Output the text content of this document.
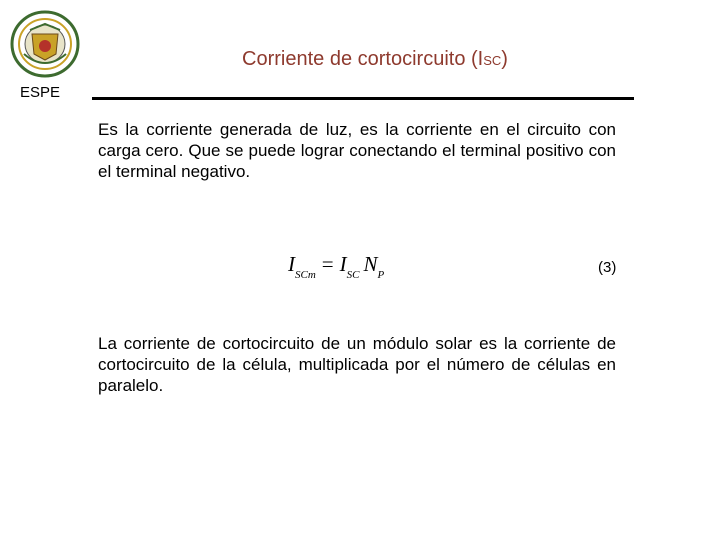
ESPE
Corriente de cortocircuito (ISC)
Es la corriente generada de luz, es la corriente en el circuito con carga cero. Que se puede lograr conectando el terminal positivo con el terminal negativo.
$I_{SCm} = I_{SC}$ $N_P$	(3)
La corriente de cortocircuito de un módulo solar es la corriente de cortocircuito de la célula, multiplicada por el número de células en paralelo.
